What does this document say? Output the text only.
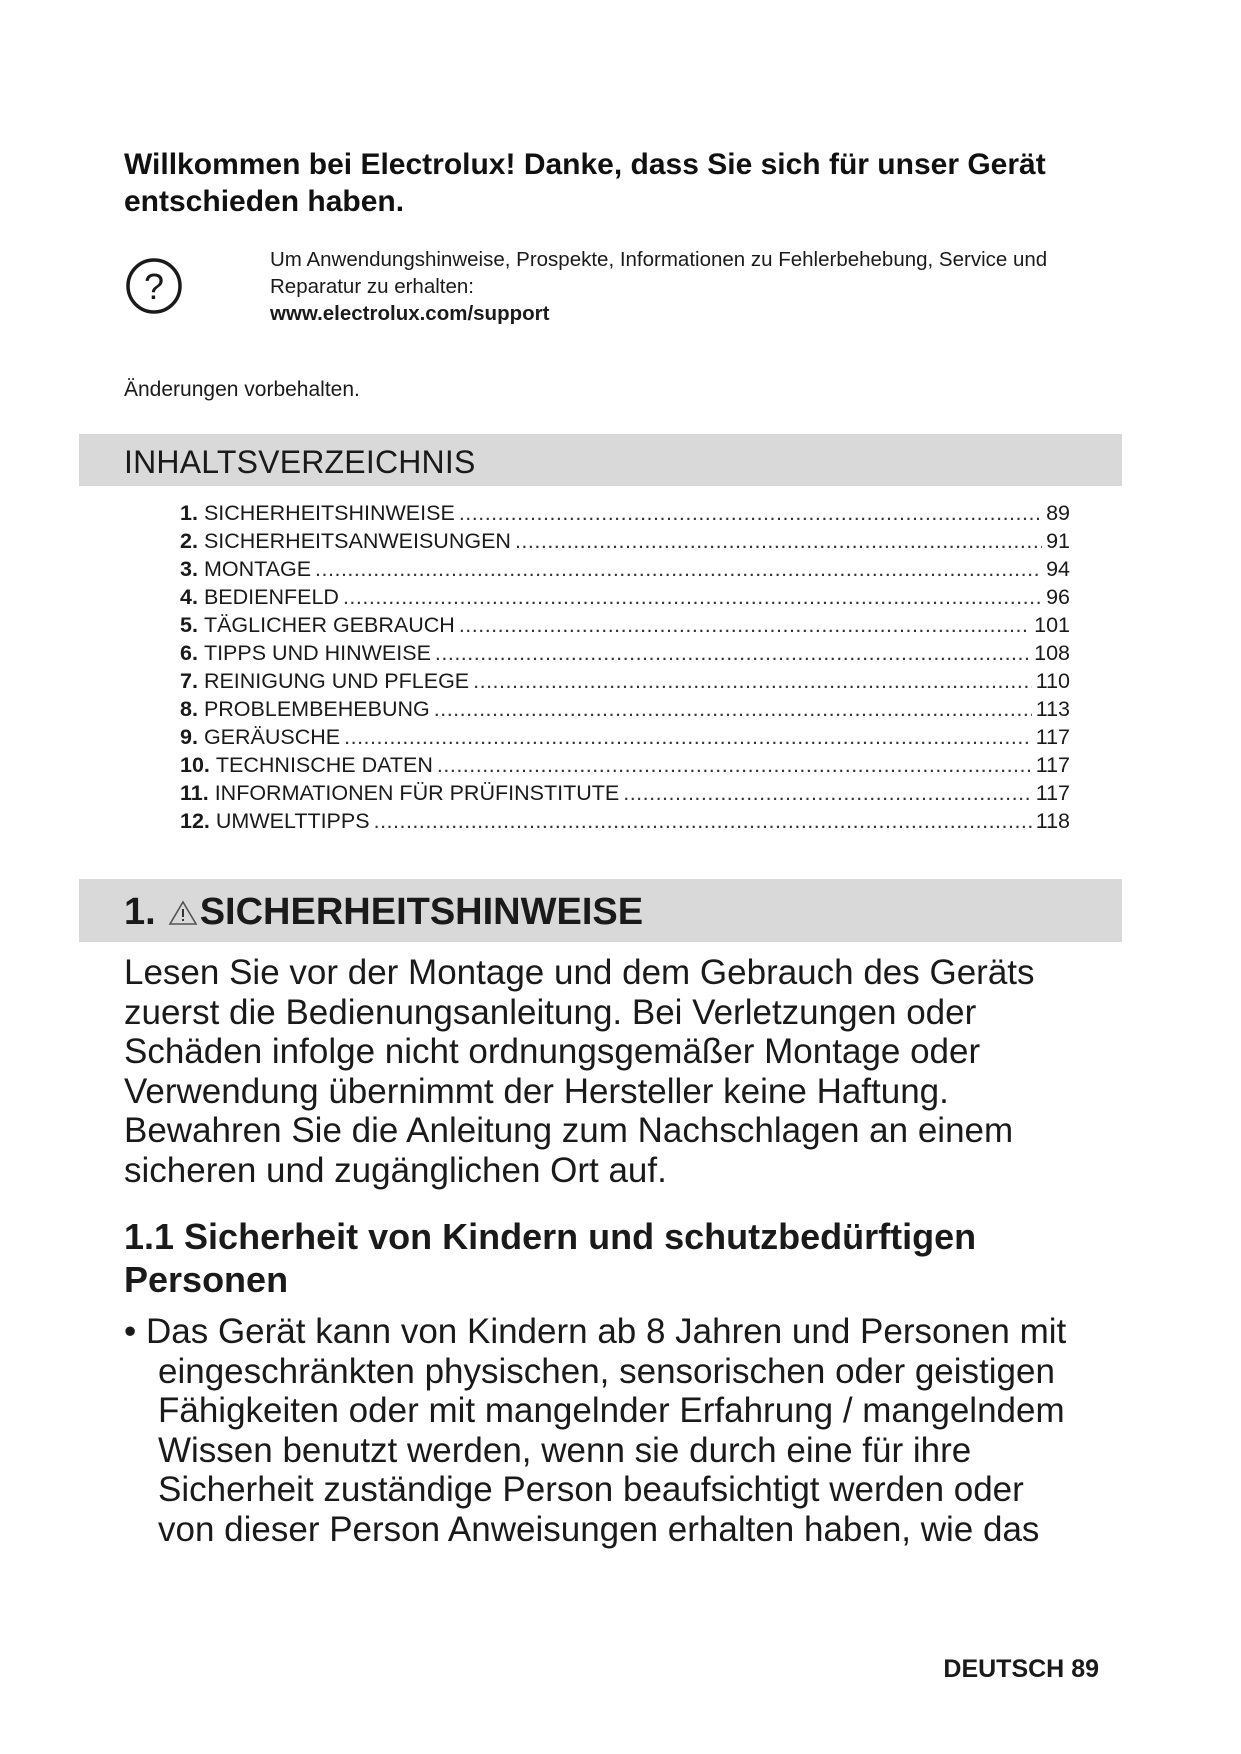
Willkommen bei Electrolux! Danke, dass Sie sich für unser Gerät
entschieden haben.
?
Um Anwendungshinweise, Prospekte, Informationen zu Fehlerbehebung, Service und
Reparatur zu erhalten:
www.electrolux.com/support
Änderungen vorbehalten.
INHALTSVERZEICHNIS
1. SICHERHEITSHINWEISE .....	89
2. SICHERHEITSANWEISUNGEN .....	91
3. MONTAGE .....	94
4. BEDIENFELD .....	96
5. TÄGLICHER GEBRAUCH .....	101
6. TIPPS UND HINWEISE .....	108
7. REINIGUNG UND PFLEGE .....	110
8. PROBLEMBEHEBUNG .....	113
9. GERÄUSCHE .....	117
10. TECHNISCHE DATEN .....	117
11. INFORMATIONEN FÜR PRÜFINSTITUTE .....	117
12. UMWELTTIPPS .....	118
1. SICHERHEITSHINWEISE
Lesen Sie vor der Montage und dem Gebrauch des Geräts
zuerst die Bedienungsanleitung. Bei Verletzungen oder
Schäden infolge nicht ordnungsgemäßer Montage oder
Verwendung übernimmt der Hersteller keine Haftung.
Bewahren Sie die Anleitung zum Nachschlagen an einem
sicheren und zugänglichen Ort auf.
1.1 Sicherheit von Kindern und schutzbedürftigen
Personen
• Das Gerät kann von Kindern ab 8 Jahren und Personen mit
eingeschränkten physischen, sensorischen oder geistigen
Fähigkeiten oder mit mangelnder Erfahrung / mangelndem
Wissen benutzt werden, wenn sie durch eine für ihre
Sicherheit zuständige Person beaufsichtigt werden oder
von dieser Person Anweisungen erhalten haben, wie das
DEUTSCH 89
